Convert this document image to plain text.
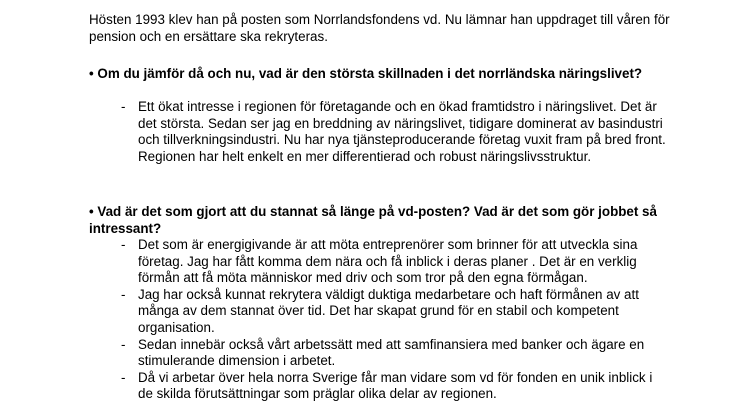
Hösten 1993 klev han på posten som Norrlandsfondens vd. Nu lämnar han uppdraget till våren för pension och en ersättare ska rekryteras.

• Om du jämför då och nu, vad är den största skillnaden i det norrländska näringslivet?

- Ett ökat intresse i regionen för företagande och en ökad framtidstro i näringslivet. Det är det största. Sedan ser jag en breddning av näringslivet, tidigare dominerat av basindustri och tillverkningsindustri. Nu har nya tjänsteproducerande företag vuxit fram på bred front. Regionen har helt enkelt en mer differentierad och robust näringslivsstruktur.

• Vad är det som gjort att du stannat så länge på vd-posten? Vad är det som gör jobbet så intressant?

- Det som är energigivande är att möta entreprenörer som brinner för att utveckla sina företag. Jag har fått komma dem nära och få inblick i deras planer . Det är en verklig förmån att få möta människor med driv och som tror på den egna förmågan.
- Jag har också kunnat rekrytera väldigt duktiga medarbetare och haft förmånen av att många av dem stannat över tid. Det har skapat grund för en stabil och kompetent organisation.
- Sedan innebär också vårt arbetssätt med att samfinansiera med banker och ägare en stimulerande dimension i arbetet.
- Då vi arbetar över hela norra Sverige får man vidare som vd för fonden en unik inblick i de skilda förutsättningar som präglar olika delar av regionen.
